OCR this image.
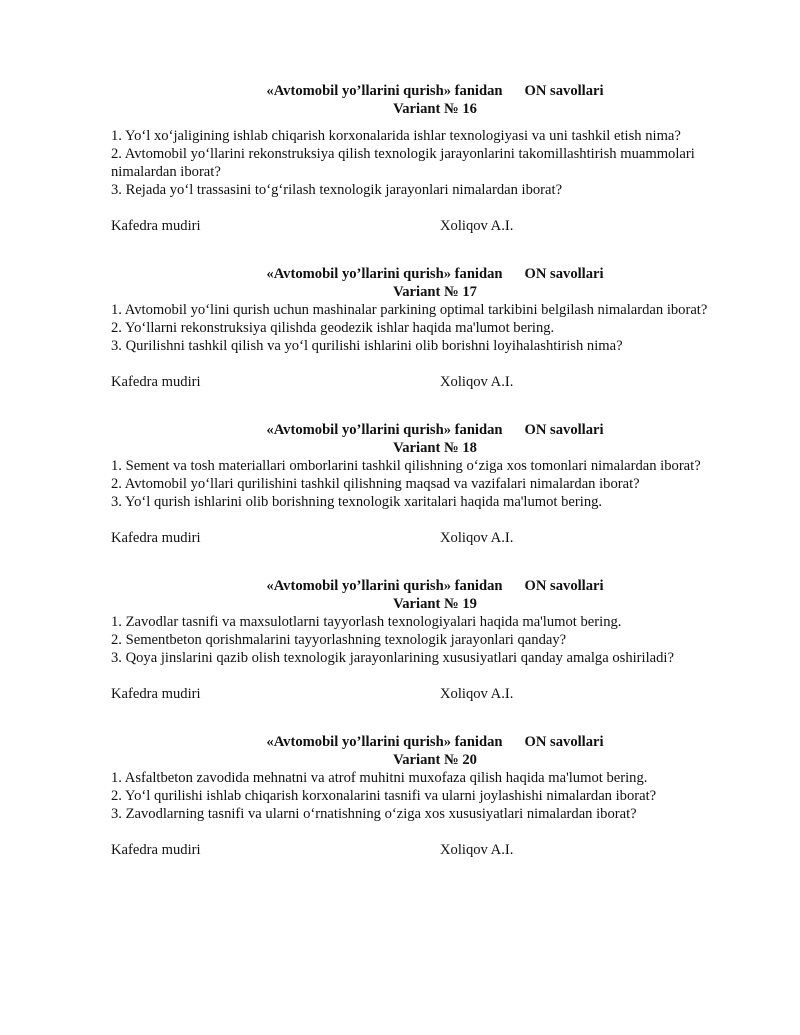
«Avtomobil yo’llarini qurish» fanidan ON savollari
Variant № 16
1. Yo‘l xo‘jaligining ishlab chiqarish korxonalarida ishlar texnologiyasi va uni tashkil etish nima?
2. Avtomobil yo‘llarini rekonstruksiya qilish texnologik jarayonlarini takomillashtirish muammolari nimalardan iborat?
3. Rejada yo‘l trassasini to‘g‘rilash texnologik jarayonlari nimalardan iborat?
Kafedra mudiri	Xoliqov A.I.
«Avtomobil yo’llarini qurish» fanidan ON savollari
Variant № 17
1. Avtomobil yo‘lini qurish uchun mashinalar parkining optimal tarkibini belgilash nimalardan iborat?
2. Yo‘llarni rekonstruksiya qilishda geodezik ishlar haqida ma'lumot bering.
3. Qurilishni tashkil qilish va yo‘l qurilishi ishlarini olib borishni loyihalashtirish nima?
Kafedra mudiri	Xoliqov A.I.
«Avtomobil yo’llarini qurish» fanidan ON savollari
Variant № 18
1. Sement va tosh materiallari omborlarini tashkil qilishning o‘ziga xos tomonlari nimalardan iborat?
2. Avtomobil yo‘llari qurilishini tashkil qilishning maqsad va vazifalari nimalardan iborat?
3. Yo‘l qurish ishlarini olib borishning texnologik xaritalari haqida ma'lumot bering.
Kafedra mudiri	Xoliqov A.I.
«Avtomobil yo’llarini qurish» fanidan ON savollari
Variant № 19
1. Zavodlar tasnifi va maxsulotlarni tayyorlash texnologiyalari haqida ma'lumot bering.
2. Sementbeton qorishmalarini tayyorlashning texnologik jarayonlari qanday?
3. Qoya jinslarini qazib olish texnologik jarayonlarining xususiyatlari qanday amalga oshiriladi?
Kafedra mudiri	Xoliqov A.I.
«Avtomobil yo’llarini qurish» fanidan ON savollari
Variant № 20
1. Asfaltbeton zavodida mehnatni va atrof muhitni muxofaza qilish haqida ma'lumot bering.
2. Yo‘l qurilishi ishlab chiqarish korxonalarini tasnifi va ularni joylashishi nimalardan iborat?
3. Zavodlarning tasnifi va ularni o‘rnatishning o‘ziga xos xususiyatlari nimalardan iborat?
Kafedra mudiri	Xoliqov A.I.
